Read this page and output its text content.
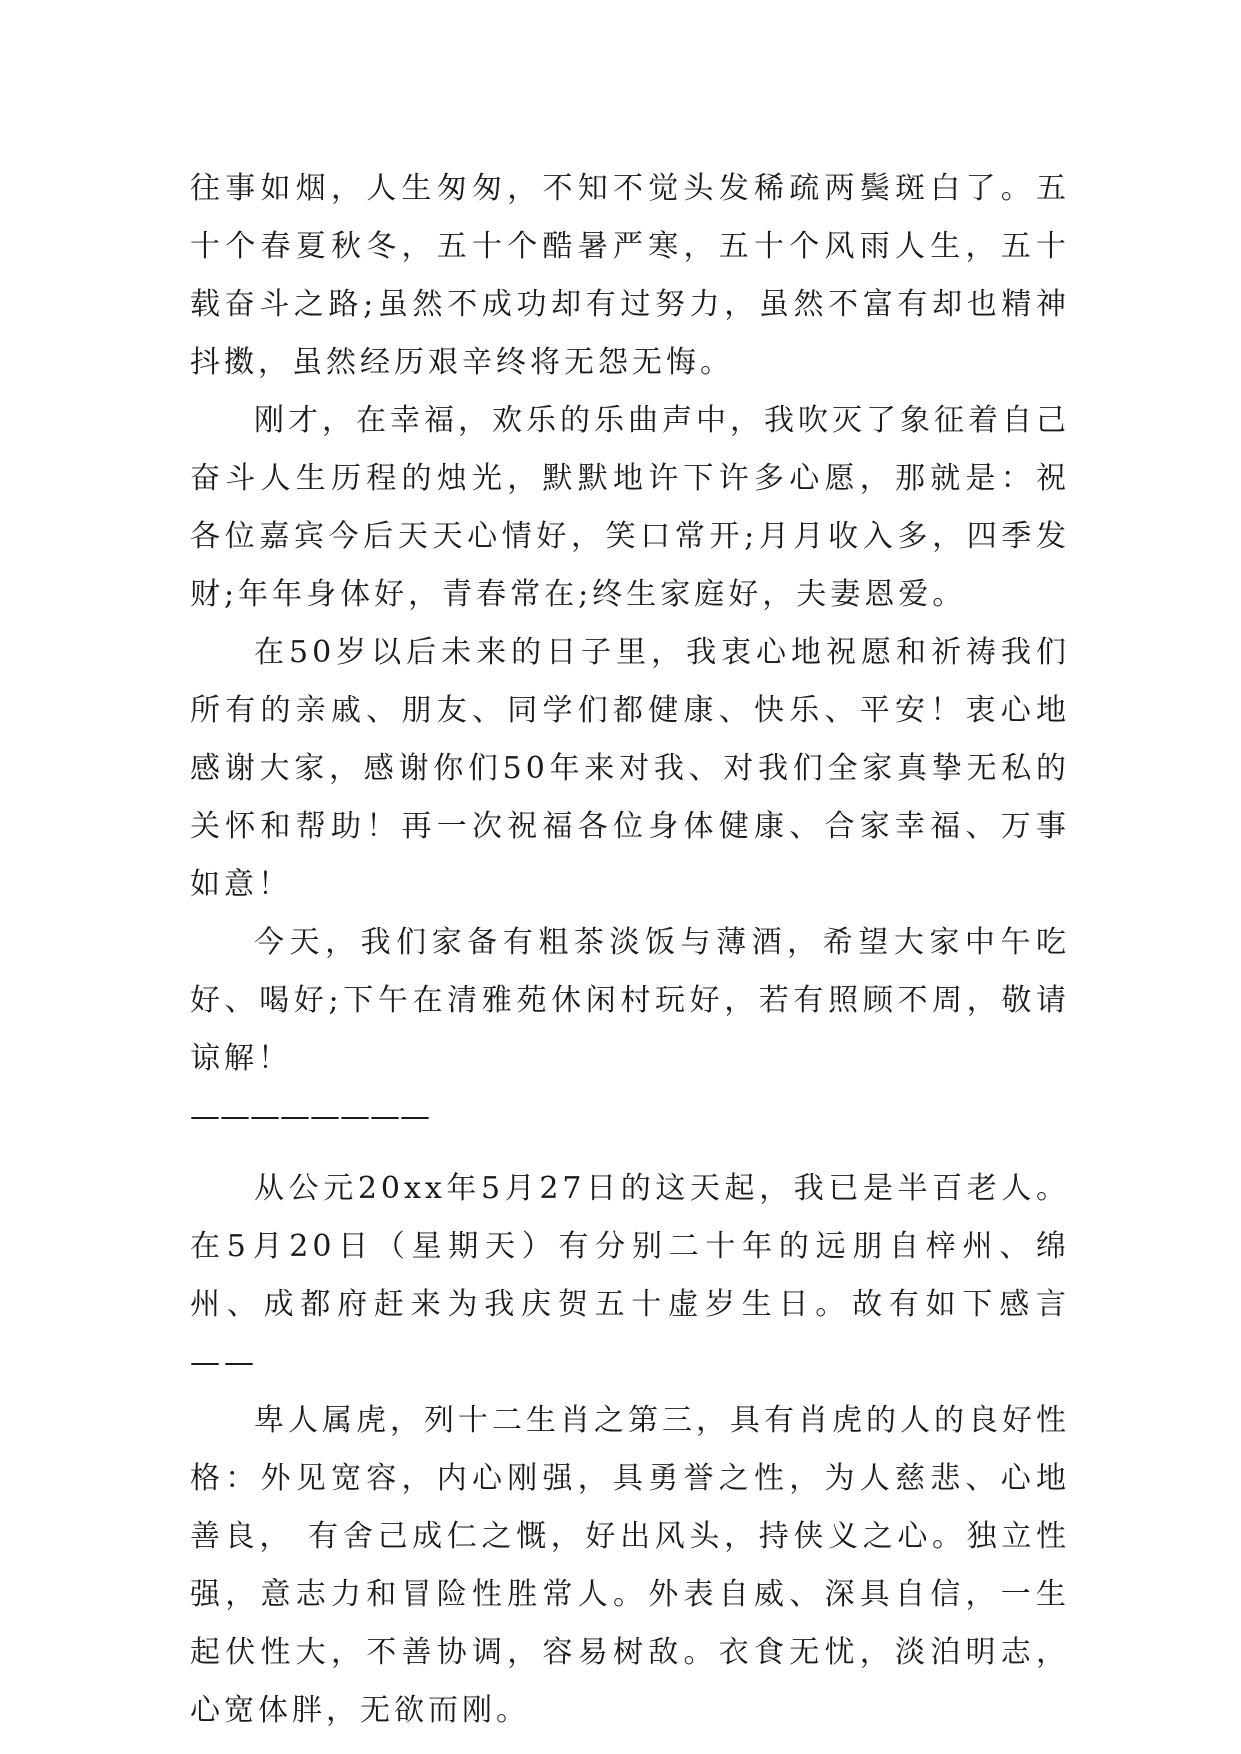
往事如烟，人生匆匆，不知不觉头发稀疏两鬓斑白了。五十个春夏秋冬，五十个酷暑严寒，五十个风雨人生，五十载奋斗之路;虽然不成功却有过努力，虽然不富有却也精神抖擞，虽然经历艰辛终将无怨无悔。

刚才，在幸福，欢乐的乐曲声中，我吹灭了象征着自己奋斗人生历程的烛光，默默地许下许多心愿，那就是：祝各位嘉宾今后天天心情好，笑口常开;月月收入多，四季发财;年年身体好，青春常在;终生家庭好，夫妻恩爱。

在50岁以后未来的日子里，我衷心地祝愿和祈祷我们所有的亲戚、朋友、同学们都健康、快乐、平安！衷心地感谢大家，感谢你们50年来对我、对我们全家真挚无私的关怀和帮助！再一次祝福各位身体健康、合家幸福、万事如意！

今天，我们家备有粗茶淡饭与薄酒，希望大家中午吃好、喝好;下午在清雅苑休闲村玩好，若有照顾不周，敬请谅解！

————————

从公元20xx年5月27日的这天起，我已是半百老人。在5月20日（星期天）有分别二十年的远朋自梓州、绵州、成都府赶来为我庆贺五十虚岁生日。故有如下感言——

卑人属虎，列十二生肖之第三，具有肖虎的人的良好性格：外见宽容，内心刚强，具勇誉之性，为人慈悲、心地善良， 有舍己成仁之慨，好出风头，持侠义之心。独立性强，意志力和冒险性胜常人。外表自威、深具自信，一生起伏性大，不善协调，容易树敌。衣食无忧，淡泊明志，心宽体胖，无欲而刚。
